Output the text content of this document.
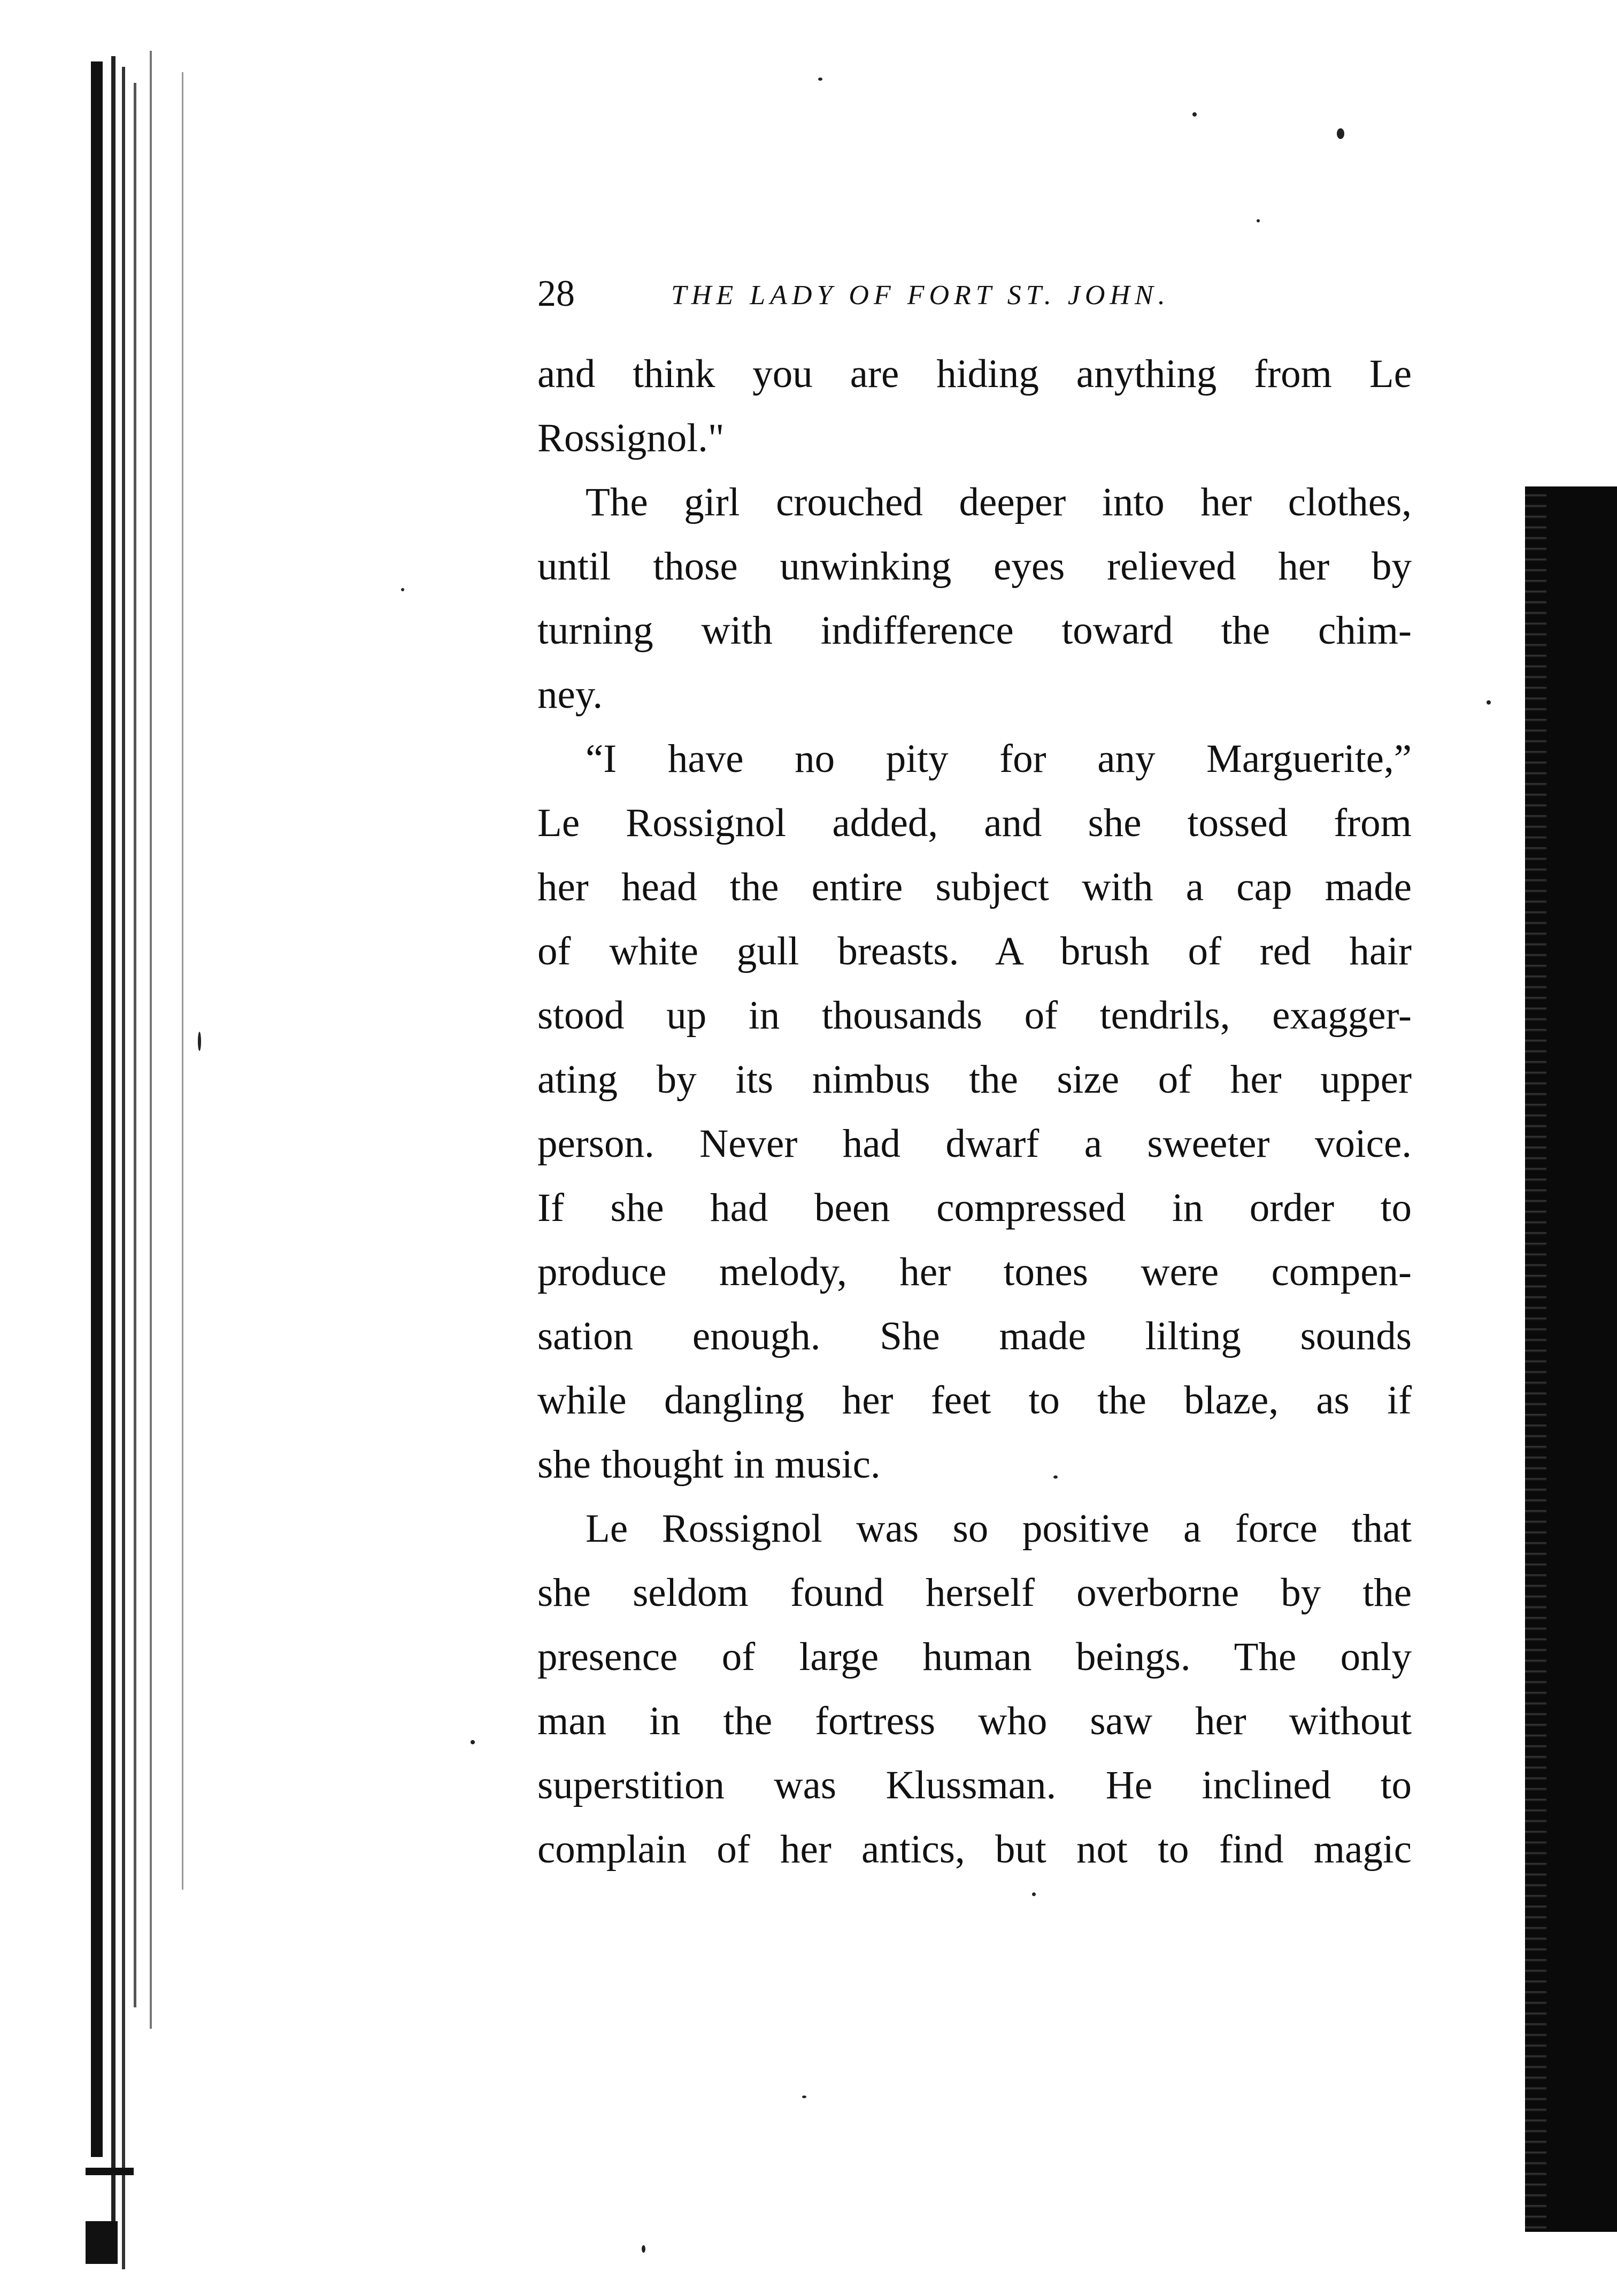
28	THE LADY OF FORT ST. JOHN.
and think you are hiding anything from Le
Rossignol."
The girl crouched deeper into her clothes,
until those unwinking eyes relieved her by
turning with indifference toward the chim-
ney.
“I have no pity for any Marguerite,”
Le Rossignol added, and she tossed from
her head the entire subject with a cap made
of white gull breasts. A brush of red hair
stood up in thousands of tendrils, exagger-
ating by its nimbus the size of her upper
person. Never had dwarf a sweeter voice.
If she had been compressed in order to
produce melody, her tones were compen-
sation enough. She made lilting sounds
while dangling her feet to the blaze, as if
she thought in music.
Le Rossignol was so positive a force that
she seldom found herself overborne by the
presence of large human beings. The only
man in the fortress who saw her without
superstition was Klussman. He inclined to
complain of her antics, but not to find magic
